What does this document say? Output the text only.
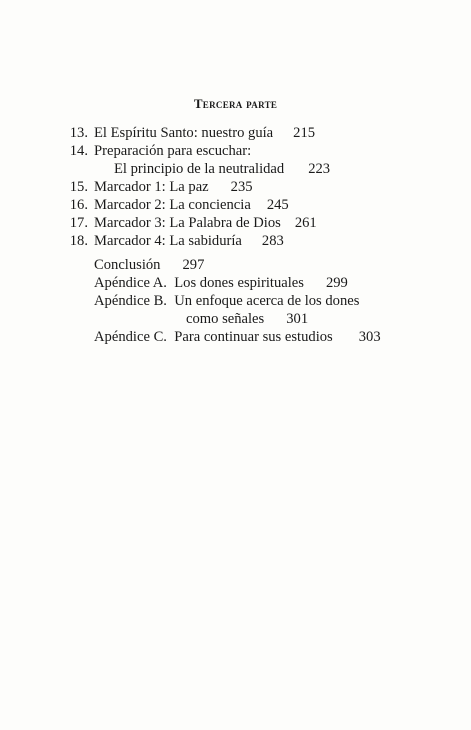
Tercera parte
13. El Espíritu Santo: nuestro guía 215
14. Preparación para escuchar:
El principio de la neutralidad 223
15. Marcador 1: La paz 235
16. Marcador 2: La conciencia 245
17. Marcador 3: La Palabra de Dios 261
18. Marcador 4: La sabiduría 283
Conclusión 297
Apéndice A.  Los dones espirituales 299
Apéndice B.  Un enfoque acerca de los dones
como señales 301
Apéndice C.  Para continuar sus estudios 303
